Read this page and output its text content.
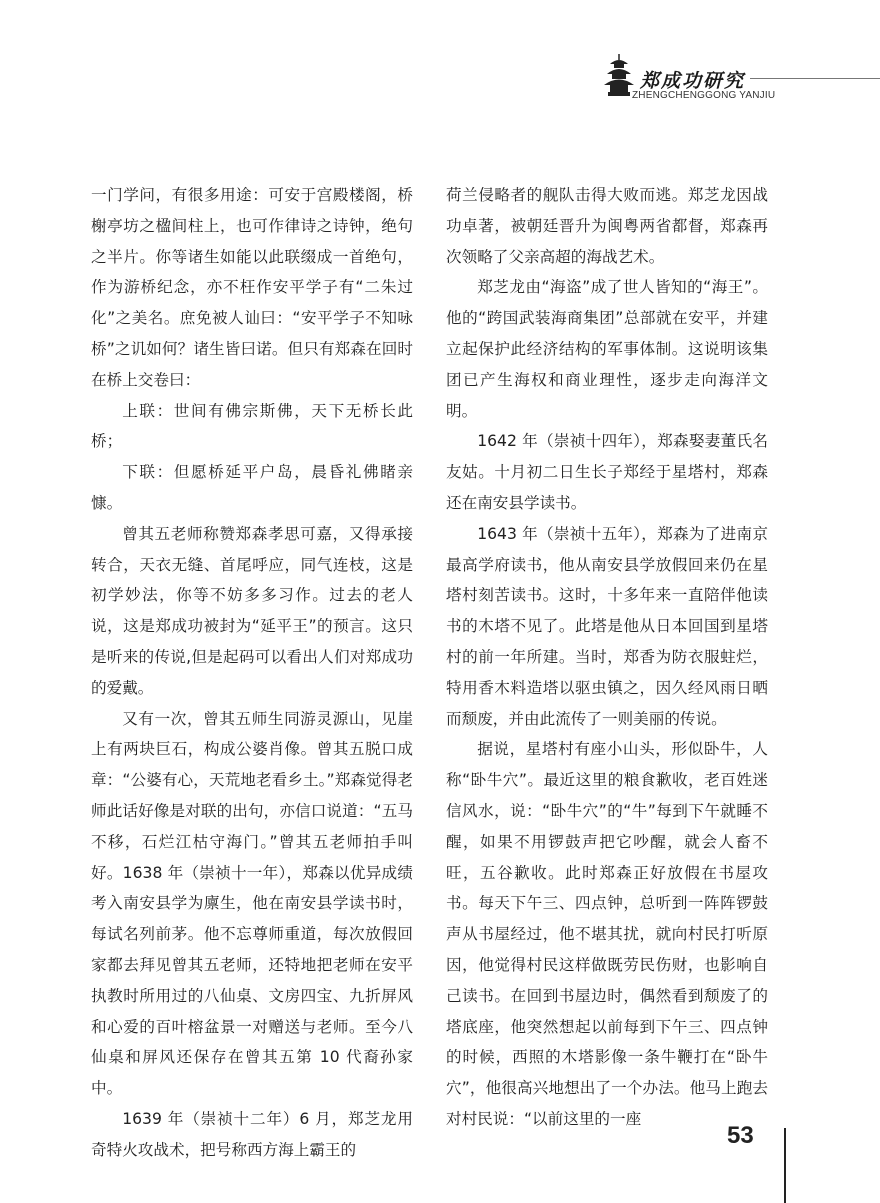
郑成功研究
ZHENGCHENGGONG YANJIU

一门学问，有很多用途：可安于宫殿楼阁，桥榭亭坊之楹间柱上，也可作律诗之诗钟，绝句之半片。你等诸生如能以此联缀成一首绝句，作为游桥纪念，亦不枉作安平学子有“二朱过化”之美名。庶免被人讪曰：“安平学子不知咏桥”之讥如何？诸生皆曰诺。但只有郑森在回时在桥上交卷曰：

上联：世间有佛宗斯佛，天下无桥长此桥；

下联：但愿桥延平户岛，晨昏礼佛睹亲慷。

曾其五老师称赞郑森孝思可嘉，又得承接转合，天衣无缝、首尾呼应，同气连枝，这是初学妙法，你等不妨多多习作。过去的老人说，这是郑成功被封为“延平王”的预言。这只是听来的传说,但是起码可以看出人们对郑成功的爱戴。

又有一次，曾其五师生同游灵源山，见崖上有两块巨石，构成公婆肖像。曾其五脱口成章：“公婆有心，天荒地老看乡土。”郑森觉得老师此话好像是对联的出句，亦信口说道：“五马不移，石烂江枯守海门。”曾其五老师拍手叫好。1638 年（崇祯十一年），郑森以优异成绩考入南安县学为廪生，他在南安县学读书时，每试名列前茅。他不忘尊师重道，每次放假回家都去拜见曾其五老师，还特地把老师在安平执教时所用过的八仙桌、文房四宝、九折屏风和心爱的百叶榕盆景一对赠送与老师。至今八仙桌和屏风还保存在曾其五第 10 代裔孙家中。

1639 年（崇祯十二年）6 月，郑芝龙用奇特火攻战术，把号称西方海上霸王的

荷兰侵略者的舰队击得大败而逃。郑芝龙因战功卓著，被朝廷晋升为闽粤两省都督，郑森再次领略了父亲高超的海战艺术。

郑芝龙由“海盗”成了世人皆知的“海王”。他的“跨国武装海商集团”总部就在安平，并建立起保护此经济结构的军事体制。这说明该集团已产生海权和商业理性，逐步走向海洋文明。

1642 年（崇祯十四年），郑森娶妻董氏名友姑。十月初二日生长子郑经于星塔村，郑森还在南安县学读书。

1643 年（崇祯十五年），郑森为了进南京最高学府读书，他从南安县学放假回来仍在星塔村刻苦读书。这时，十多年来一直陪伴他读书的木塔不见了。此塔是他从日本回国到星塔村的前一年所建。当时，郑香为防衣服蛀烂，特用香木料造塔以驱虫镇之，因久经风雨日晒而颓废，并由此流传了一则美丽的传说。

据说，星塔村有座小山头，形似卧牛，人称“卧牛穴”。最近这里的粮食歉收，老百姓迷信风水，说：“卧牛穴”的“牛”每到下午就睡不醒，如果不用锣鼓声把它吵醒，就会人畜不旺，五谷歉收。此时郑森正好放假在书屋攻书。每天下午三、四点钟，总听到一阵阵锣鼓声从书屋经过，他不堪其扰，就向村民打听原因，他觉得村民这样做既劳民伤财，也影响自己读书。在回到书屋边时，偶然看到颓废了的塔底座，他突然想起以前每到下午三、四点钟的时候，西照的木塔影像一条牛鞭打在“卧牛穴”，他很高兴地想出了一个办法。他马上跑去对村民说：“以前这里的一座

53
